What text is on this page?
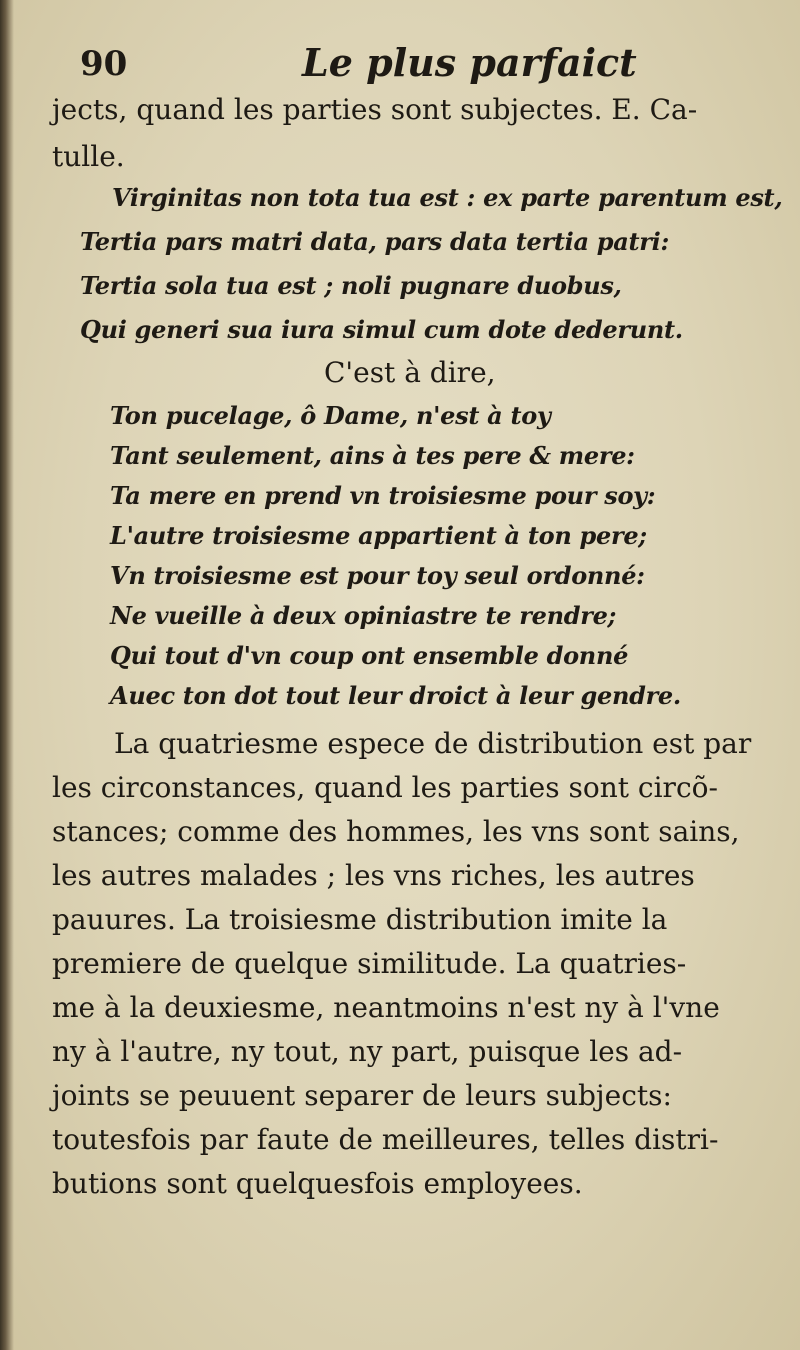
90	Le plus parfaict
jects, quand les parties sont subjectes. E. Ca-
tulle.
Virginitas non tota tua est : ex parte parentum est,
Tertia pars matri data, pars data tertia patri:
Tertia sola tua est ; noli pugnare duobus,
Qui generi sua iura simul cum dote dederunt.
C'est à dire,
Ton pucelage, ô Dame, n'est à toy
Tant seulement, ains à tes pere & mere:
Ta mere en prend vn troisiesme pour soy:
L'autre troisiesme appartient à ton pere;
Vn troisiesme est pour toy seul ordonné:
Ne vueille à deux opiniastre te rendre;
Qui tout d'vn coup ont ensemble donné
Auec ton dot tout leur droict à leur gendre.
La quatriesme espece de distribution est par
les circonstances, quand les parties sont circõ-
stances; comme des hommes, les vns sont sains,
les autres malades ; les vns riches, les autres
pauures. La troisiesme distribution imite la
premiere de quelque similitude. La quatries-
me à la deuxiesme, neantmoins n'est ny à l'vne
ny à l'autre, ny tout, ny part, puisque les ad-
joints se peuuent separer de leurs subjects:
toutesfois par faute de meilleures, telles distri-
butions sont quelquesfois employees.
